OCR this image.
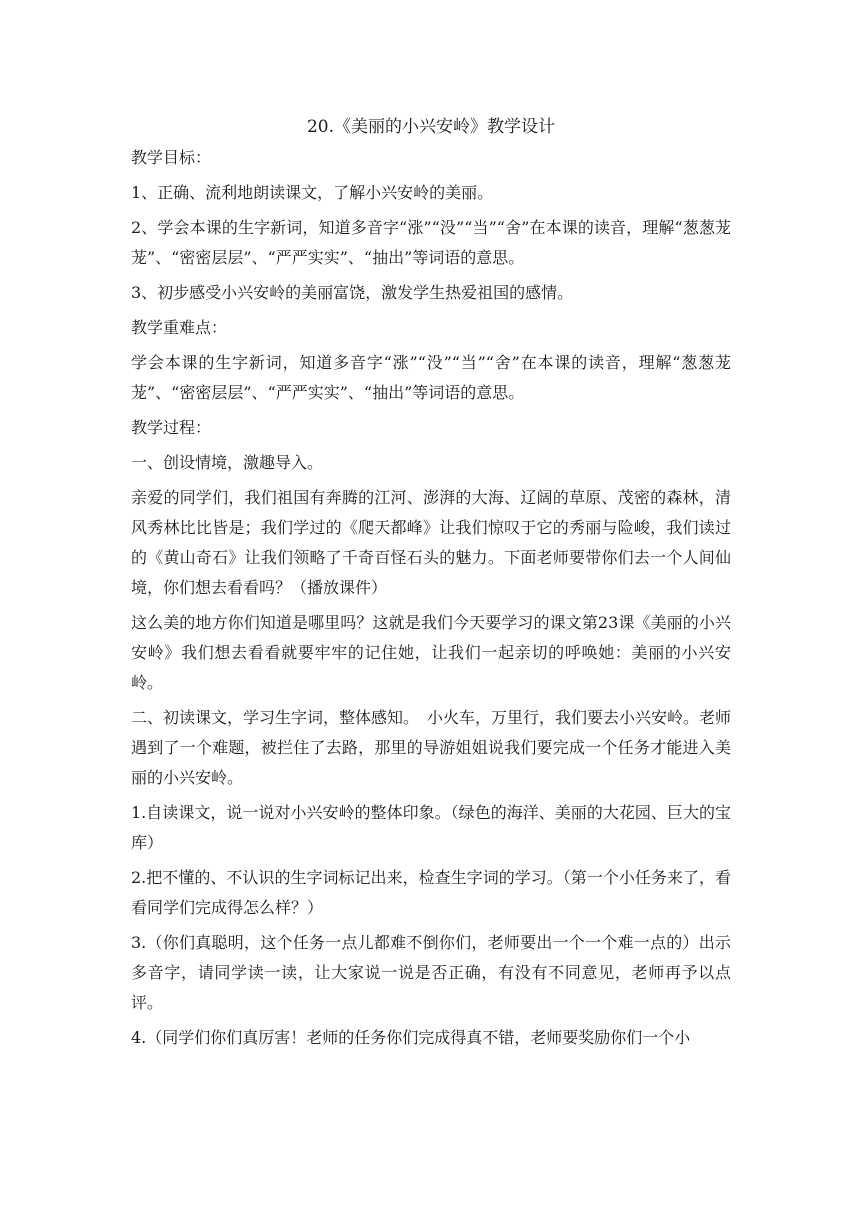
20.《美丽的小兴安岭》教学设计
教学目标：
1、正确、流利地朗读课文，了解小兴安岭的美丽。
2、学会本课的生字新词，知道多音字“涨”“没”“当”“舍”在本课的读音，理解“葱葱茏茏”、“密密层层”、“严严实实”、“抽出”等词语的意思。
3、初步感受小兴安岭的美丽富饶，激发学生热爱祖国的感情。
教学重难点：
学会本课的生字新词，知道多音字“涨”“没”“当”“舍”在本课的读音，理解“葱葱茏茏”、“密密层层”、“严严实实”、“抽出”等词语的意思。
教学过程：
一、创设情境，激趣导入。
亲爱的同学们，我们祖国有奔腾的江河、澎湃的大海、辽阔的草原、茂密的森林，清风秀林比比皆是；我们学过的《爬天都峰》让我们惊叹于它的秀丽与险峻，我们读过的《黄山奇石》让我们领略了千奇百怪石头的魅力。下面老师要带你们去一个人间仙境，你们想去看看吗？（播放课件）
这么美的地方你们知道是哪里吗？这就是我们今天要学习的课文第23课《美丽的小兴安岭》我们想去看看就要牢牢的记住她，让我们一起亲切的呼唤她：美丽的小兴安岭。
二、初读课文，学习生字词，整体感知。　小火车，万里行，我们要去小兴安岭。老师遇到了一个难题，被拦住了去路，那里的导游姐姐说我们要完成一个任务才能进入美丽的小兴安岭。
1.自读课文，说一说对小兴安岭的整体印象。（绿色的海洋、美丽的大花园、巨大的宝库）
2.把不懂的、不认识的生字词标记出来，检查生字词的学习。（第一个小任务来了，看看同学们完成得怎么样？）
3.（你们真聪明，这个任务一点儿都难不倒你们，老师要出一个一个难一点的）出示多音字，请同学读一读，让大家说一说是否正确，有没有不同意见，老师再予以点评。
4.（同学们你们真厉害！老师的任务你们完成得真不错，老师要奖励你们一个小
